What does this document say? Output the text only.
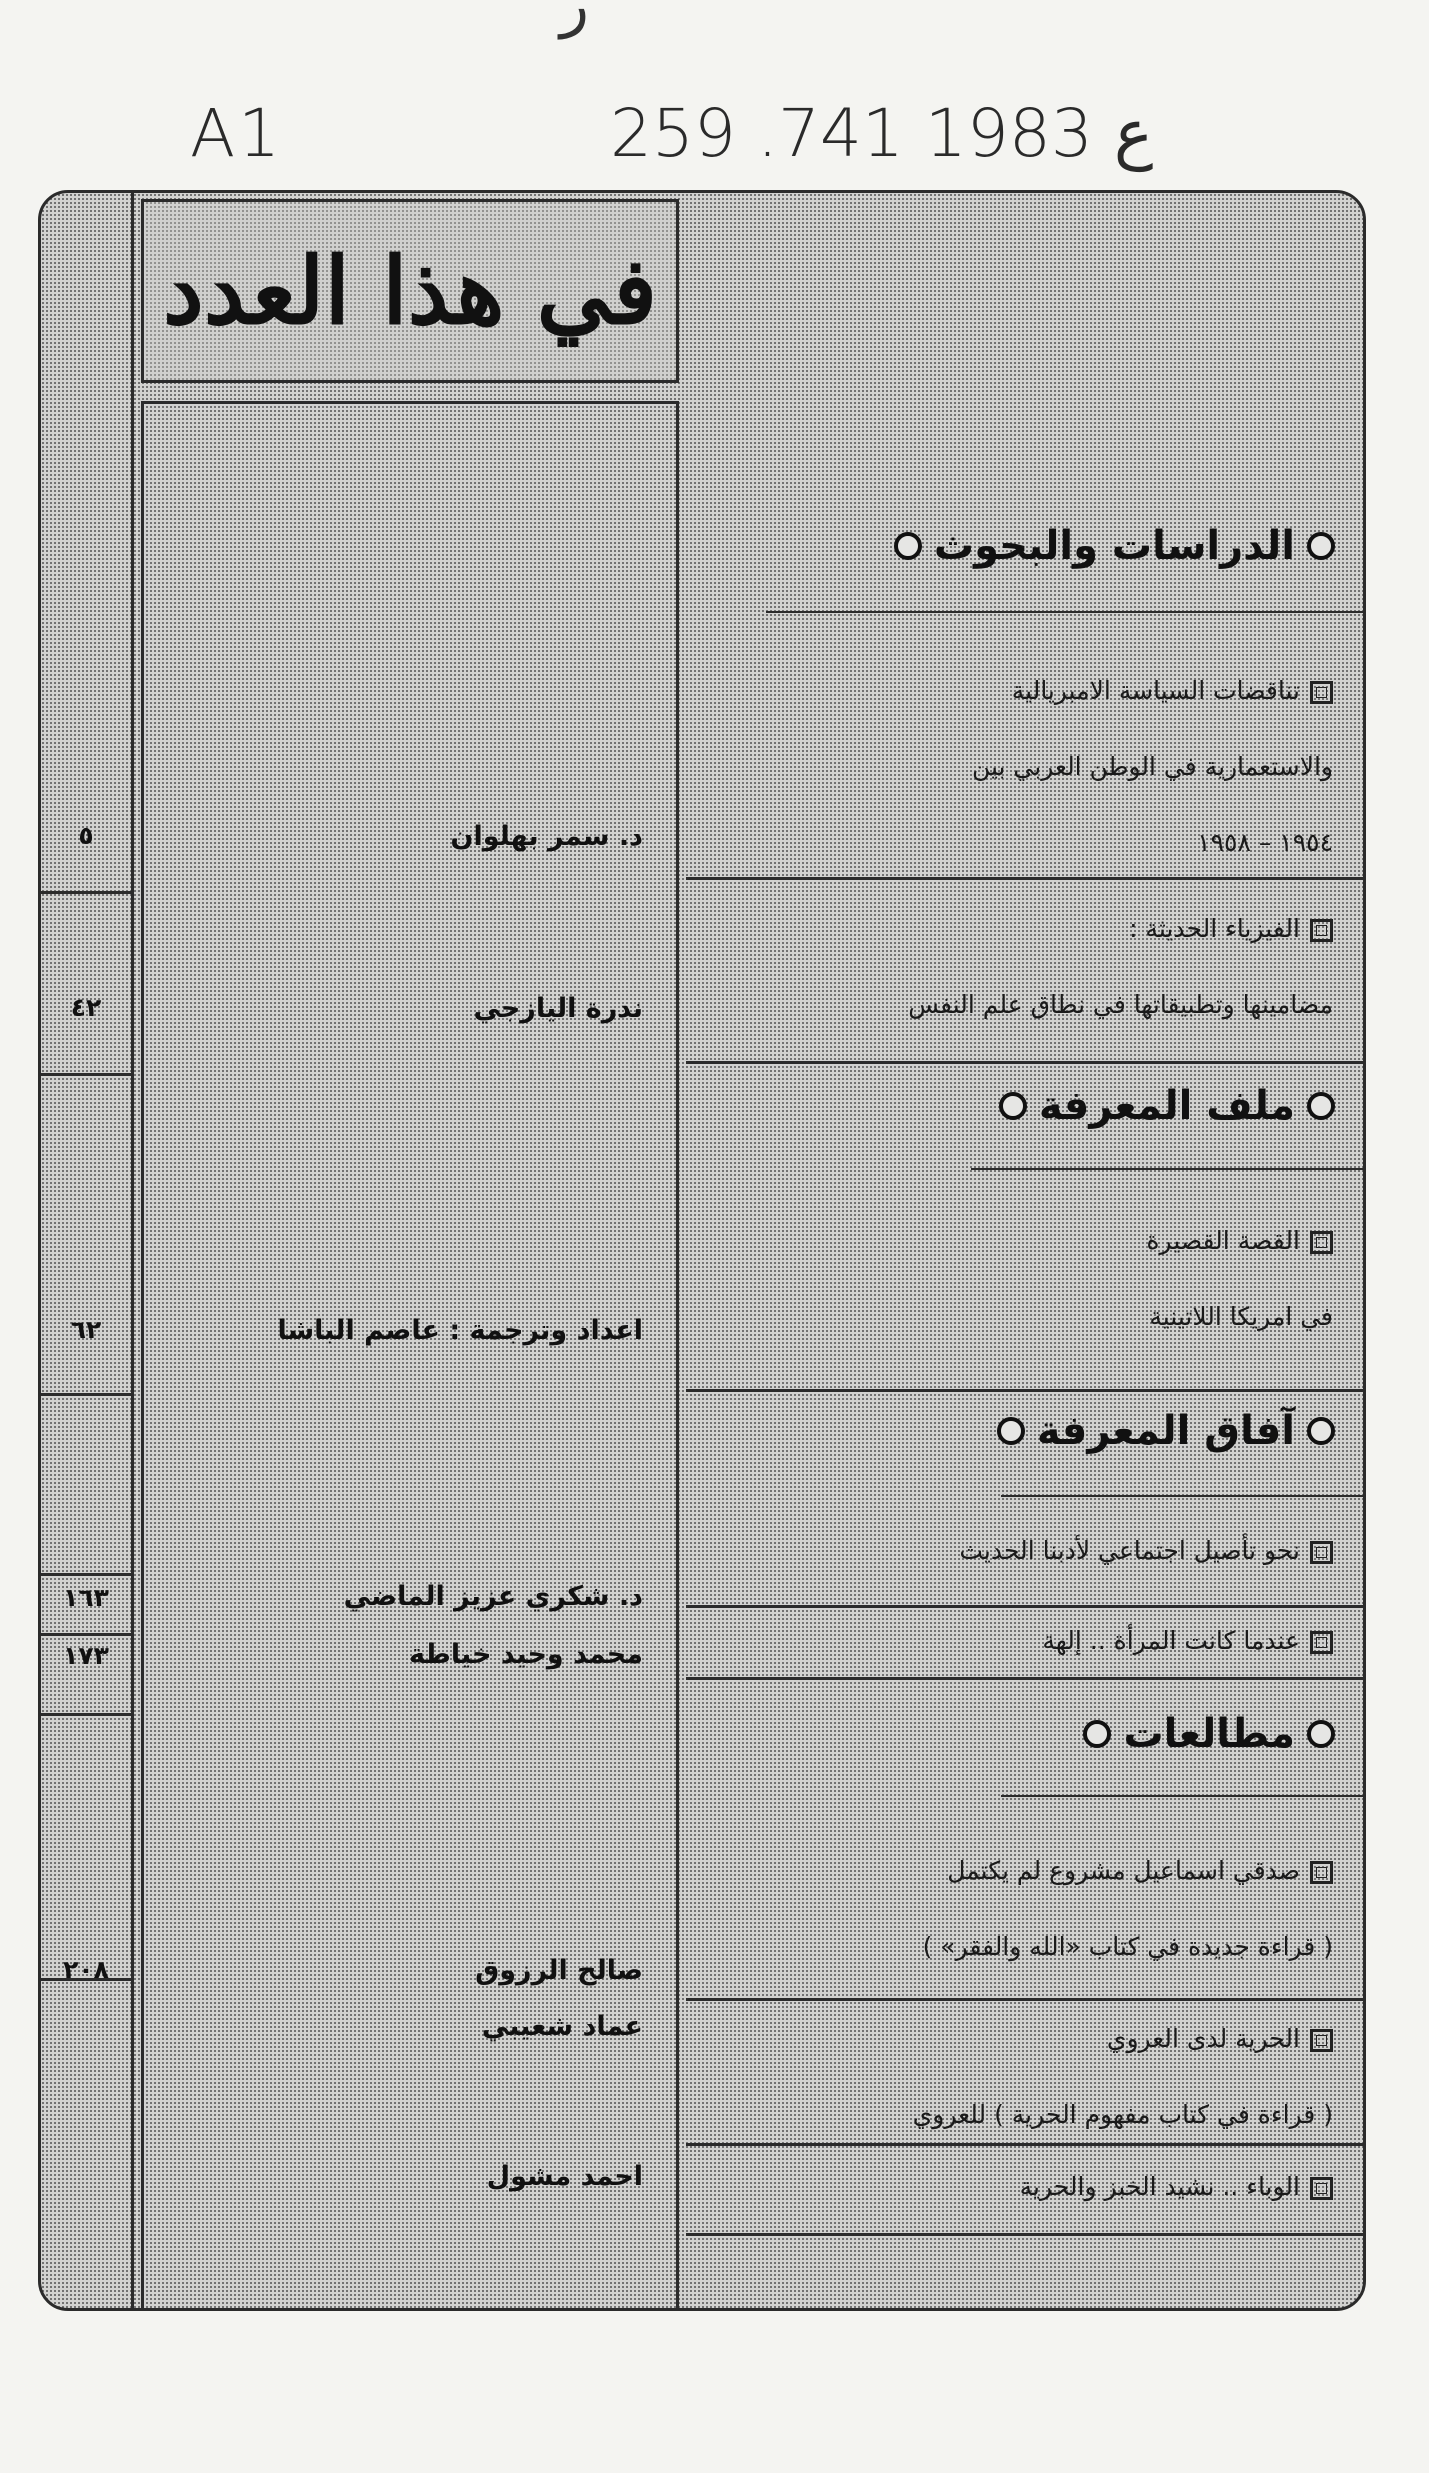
ر
A1	259 .ع 1983 741
في هذا العدد
الدراسات والبحوث
تناقضات السياسة الامبريالية
والاستعمارية في الوطن العربي بين
١٩٥٤ – ١٩٥٨
د. سمر بهلوان
٥
الفيزياء الحديثة :
مضامينها وتطبيقاتها في نطاق علم النفس
ندرة اليازجي
٤٢
ملف المعرفة
القصة القصيرة
في امريكا اللاتينية
اعداد وترجمة : عاصم الباشا
٦٢
آفاق المعرفة
نحو تأصيل اجتماعي لأدبنا الحديث
د. شكري عزيز الماضي
١٦٣
عندما كانت المرأة .. إلهة
محمد وحيد خياطة
١٧٣
مطالعات
صدقي اسماعيل مشروع لم يكتمل
( قراءة جديدة في كتاب «الله والفقر» )
صالح الرزوق
٢٠٨
الحرية لدى العروي
( قراءة في كتاب مفهوم الحرية ) للعروي
عماد شعيبي
الوباء .. نشيد الخبز والحرية
احمد مشول
